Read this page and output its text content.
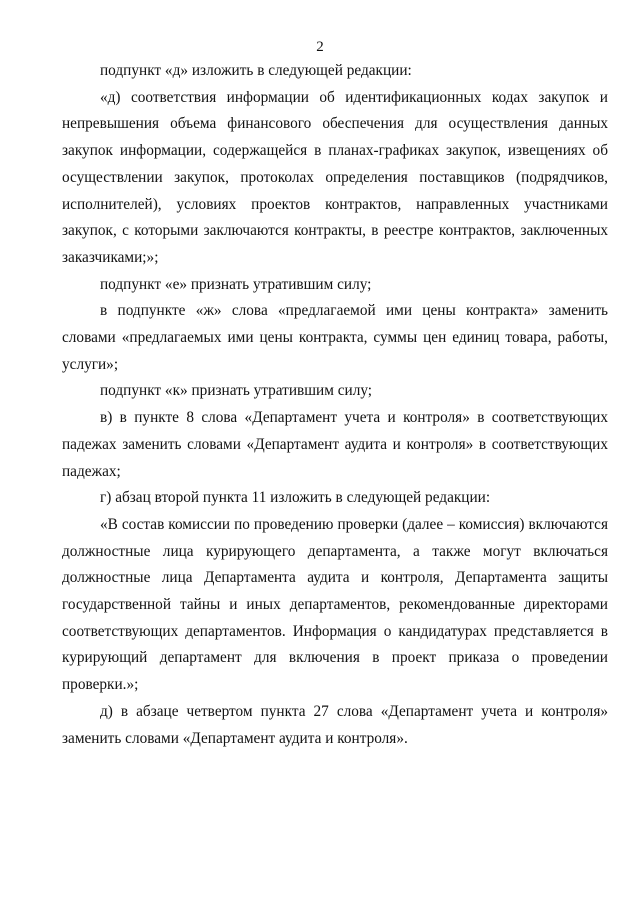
2

подпункт «д» изложить в следующей редакции:

«д) соответствия информации об идентификационных кодах закупок и непревышения объема финансового обеспечения для осуществления данных закупок информации, содержащейся в планах-графиках закупок, извещениях об осуществлении закупок, протоколах определения поставщиков (подрядчиков, исполнителей), условиях проектов контрактов, направленных участниками закупок, с которыми заключаются контракты, в реестре контрактов, заключенных заказчиками;»;

подпункт «е» признать утратившим силу;

в подпункте «ж» слова «предлагаемой ими цены контракта» заменить словами «предлагаемых ими цены контракта, суммы цен единиц товара, работы, услуги»;

подпункт «к» признать утратившим силу;

в) в пункте 8 слова «Департамент учета и контроля» в соответствующих падежах заменить словами «Департамент аудита и контроля» в соответствующих падежах;

г) абзац второй пункта 11 изложить в следующей редакции:

«В состав комиссии по проведению проверки (далее – комиссия) включаются должностные лица курирующего департамента, а также могут включаться должностные лица Департамента аудита и контроля, Департамента защиты государственной тайны и иных департаментов, рекомендованные директорами соответствующих департаментов. Информация о кандидатурах представляется в курирующий департамент для включения в проект приказа о проведении проверки.»;

д) в абзаце четвертом пункта 27 слова «Департамент учета и контроля» заменить словами «Департамент аудита и контроля».
